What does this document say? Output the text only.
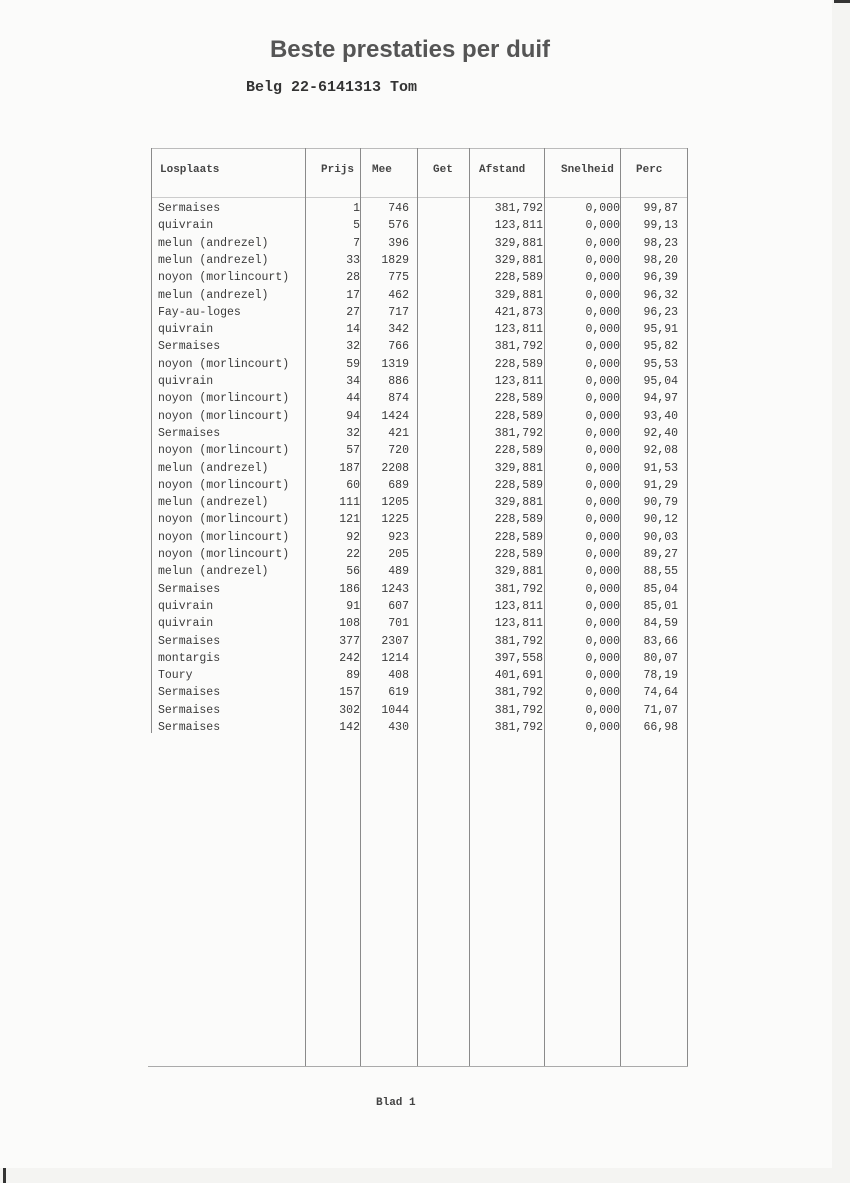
Beste prestaties per duif
Belg 22-6141313 Tom
Losplaats	Prijs Mee	Get Afstand	Snelheid Perc
Sermaises	1 746	381,792	0,000 99,87
quivrain	5 576	123,811	0,000 99,13
melun (andrezel)	7 396	329,881	0,000 98,23
melun (andrezel)	33 1829	329,881	0,000 98,20
noyon (morlincourt)	28 775	228,589	0,000 96,39
melun (andrezel)	17 462	329,881	0,000 96,32
Fay-au-loges	27 717	421,873	0,000 96,23
quivrain	14 342	123,811	0,000 95,91
Sermaises	32 766	381,792	0,000 95,82
noyon (morlincourt)	59 1319	228,589	0,000 95,53
quivrain	34 886	123,811	0,000 95,04
noyon (morlincourt)	44 874	228,589	0,000 94,97
noyon (morlincourt)	94 1424	228,589	0,000 93,40
Sermaises	32 421	381,792	0,000 92,40
noyon (morlincourt)	57 720	228,589	0,000 92,08
melun (andrezel)	187 2208	329,881	0,000 91,53
noyon (morlincourt)	60 689	228,589	0,000 91,29
melun (andrezel)	111 1205	329,881	0,000 90,79
noyon (morlincourt)	121 1225	228,589	0,000 90,12
noyon (morlincourt)	92 923	228,589	0,000 90,03
noyon (morlincourt)	22 205	228,589	0,000 89,27
melun (andrezel)	56 489	329,881	0,000 88,55
Sermaises	186 1243	381,792	0,000 85,04
quivrain	91 607	123,811	0,000 85,01
quivrain	108 701	123,811	0,000 84,59
Sermaises	377 2307	381,792	0,000 83,66
montargis	242 1214	397,558	0,000 80,07
Toury	89 408	401,691	0,000 78,19
Sermaises	157 619	381,792	0,000 74,64
Sermaises	302 1044	381,792	0,000 71,07
Sermaises	142 430	381,792	0,000 66,98
Blad 1
